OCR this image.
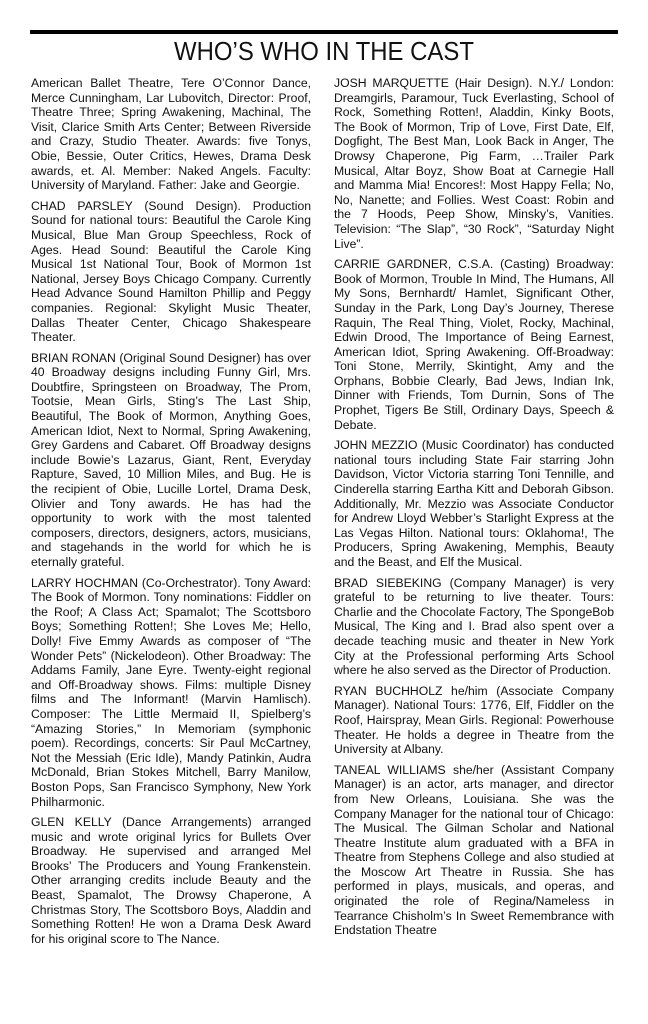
WHO’S WHO IN THE CAST

American Ballet Theatre, Tere O’Connor Dance, Merce Cunningham, Lar Lubovitch, Director: Proof, Theatre Three; Spring Awakening, Machinal, The Visit, Clarice Smith Arts Center; Between Riverside and Crazy, Studio Theater. Awards: five Tonys, Obie, Bessie, Outer Critics, Hewes, Drama Desk awards, et. Al. Member: Naked Angels. Faculty: University of Maryland. Father: Jake and Georgie.

CHAD PARSLEY (Sound Design). Production Sound for national tours: Beautiful the Carole King Musical, Blue Man Group Speechless, Rock of Ages. Head Sound: Beautiful the Carole King Musical 1st National Tour, Book of Mormon 1st National, Jersey Boys Chicago Company. Currently Head Advance Sound Hamilton Phillip and Peggy companies. Regional: Skylight Music Theater, Dallas Theater Center, Chicago Shakespeare Theater.

BRIAN RONAN (Original Sound Designer) has over 40 Broadway designs including Funny Girl, Mrs. Doubtfire, Springsteen on Broadway, The Prom, Tootsie, Mean Girls, Sting’s The Last Ship, Beautiful, The Book of Mormon, Anything Goes, American Idiot, Next to Normal, Spring Awakening, Grey Gardens and Cabaret. Off Broadway designs include Bowie’s Lazarus, Giant, Rent, Everyday Rapture, Saved, 10 Million Miles, and Bug. He is the recipient of Obie, Lucille Lortel, Drama Desk, Olivier and Tony awards. He has had the opportunity to work with the most talented composers, directors, designers, actors, musicians, and stagehands in the world for which he is eternally grateful.

LARRY HOCHMAN (Co-Orchestrator). Tony Award: The Book of Mormon. Tony nominations: Fiddler on the Roof; A Class Act; Spamalot; The Scottsboro Boys; Something Rotten!; She Loves Me; Hello, Dolly! Five Emmy Awards as composer of “The Wonder Pets” (Nickelodeon). Other Broadway: The Addams Family, Jane Eyre. Twenty-eight regional and Off-Broadway shows. Films: multiple Disney films and The Informant! (Marvin Hamlisch). Composer: The Little Mermaid II, Spielberg’s “Amazing Stories,” In Memoriam (symphonic poem). Recordings, concerts: Sir Paul McCartney, Not the Messiah (Eric Idle), Mandy Patinkin, Audra McDonald, Brian Stokes Mitchell, Barry Manilow, Boston Pops, San Francisco Symphony, New York Philharmonic.

GLEN KELLY (Dance Arrangements) arranged music and wrote original lyrics for Bullets Over Broadway. He supervised and arranged Mel Brooks’ The Producers and Young Frankenstein. Other arranging credits include Beauty and the Beast, Spamalot, The Drowsy Chaperone, A Christmas Story, The Scottsboro Boys, Aladdin and Something Rotten! He won a Drama Desk Award for his original score to The Nance.

JOSH MARQUETTE (Hair Design). N.Y./ London: Dreamgirls, Paramour, Tuck Everlasting, School of Rock, Something Rotten!, Aladdin, Kinky Boots, The Book of Mormon, Trip of Love, First Date, Elf, Dogfight, The Best Man, Look Back in Anger, The Drowsy Chaperone, Pig Farm, …Trailer Park Musical, Altar Boyz, Show Boat at Carnegie Hall and Mamma Mia! Encores!: Most Happy Fella; No, No, Nanette; and Follies. West Coast: Robin and the 7 Hoods, Peep Show, Minsky’s, Vanities. Television: “The Slap”, “30 Rock”, “Saturday Night Live”.

CARRIE GARDNER, C.S.A. (Casting) Broadway: Book of Mormon, Trouble In Mind, The Humans, All My Sons, Bernhardt/ Hamlet, Significant Other, Sunday in the Park, Long Day’s Journey, Therese Raquin, The Real Thing, Violet, Rocky, Machinal, Edwin Drood, The Importance of Being Earnest, American Idiot, Spring Awakening. Off-Broadway: Toni Stone, Merrily, Skintight, Amy and the Orphans, Bobbie Clearly, Bad Jews, Indian Ink, Dinner with Friends, Tom Durnin, Sons of The Prophet, Tigers Be Still, Ordinary Days, Speech & Debate.

JOHN MEZZIO (Music Coordinator) has conducted national tours including State Fair starring John Davidson, Victor Victoria starring Toni Tennille, and Cinderella starring Eartha Kitt and Deborah Gibson. Additionally, Mr. Mezzio was Associate Conductor for Andrew Lloyd Webber’s Starlight Express at the Las Vegas Hilton. National tours: Oklahoma!, The Producers, Spring Awakening, Memphis, Beauty and the Beast, and Elf the Musical.

BRAD SIEBEKING (Company Manager) is very grateful to be returning to live theater. Tours: Charlie and the Chocolate Factory, The SpongeBob Musical, The King and I. Brad also spent over a decade teaching music and theater in New York City at the Professional performing Arts School where he also served as the Director of Production.

RYAN BUCHHOLZ he/him (Associate Company Manager). National Tours: 1776, Elf, Fiddler on the Roof, Hairspray, Mean Girls. Regional: Powerhouse Theater. He holds a degree in Theatre from the University at Albany.

TANEAL WILLIAMS she/her (Assistant Company Manager) is an actor, arts manager, and director from New Orleans, Louisiana. She was the Company Manager for the national tour of Chicago: The Musical. The Gilman Scholar and National Theatre Institute alum graduated with a BFA in Theatre from Stephens College and also studied at the Moscow Art Theatre in Russia. She has performed in plays, musicals, and operas, and originated the role of Regina/Nameless in Tearrance Chisholm’s In Sweet Remembrance with Endstation Theatre
